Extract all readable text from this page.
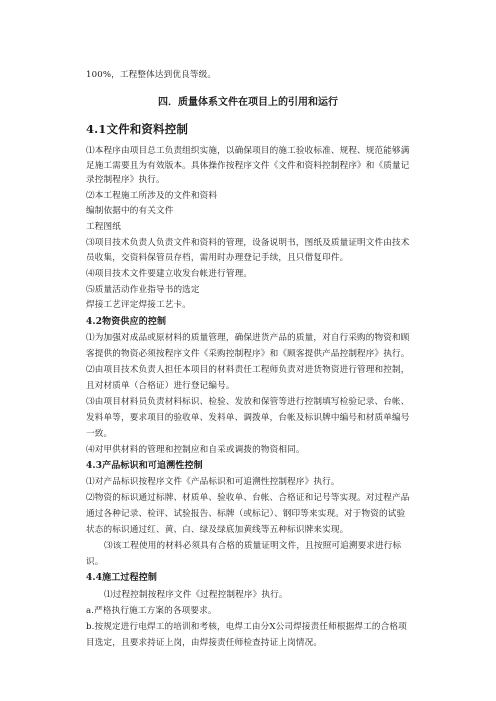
100%，工程整体达到优良等级。
四．质量体系文件在项目上的引用和运行
4.1文件和资料控制
⑴本程序由项目总工负责组织实施，以确保项目的施工验收标准、规程、规范能够满
足施工需要且为有效版本。具体操作按程序文件《文件和资料控制程序》和《质量记
录控制程序》执行。
⑵本工程施工所涉及的文件和资料
编制依据中的有关文件
工程图纸
⑶项目技术负责人负责文件和资料的管理，设备说明书，图纸及质量证明文件由技术
员收集，交资料保管员存档，需用时办理登记手续，且只借复印件。
⑷项目技术文件要建立收发台帐进行管理。
⑸质量活动作业指导书的选定
焊接工艺评定焊接工艺卡。
4.2物资供应的控制
⑴为加强对成品或原材料的质量管理，确保进货产品的质量，对自行采购的物资和顾
客提供的物资必须按程序文件《采购控制程序》和《顾客提供产品控制程序》执行。
⑵由项目技术负责人担任本项目的材料责任工程师负责对进货物资进行管理和控制，
且对材质单（合格证）进行登记编号。
⑶由项目材料员负责材料标识、检验、发放和保管等进行控制填写检验记录、台帐、
发料单等，要求项目的验收单、发料单、调拨单，台帐及标识牌中编号和材质单编号
一致。
⑷对甲供材料的管理和控制应和自采或调拨的物资相同。
4.3产品标识和可追溯性控制
⑴对产品标识按程序文件《产品标识和可追溯性控制程序》执行。
⑵物资的标识通过标牌、材质单、验收单、台帐、合格证和记号等实现。对过程产品
通过各种记录、检评、试验报告、标牌（或标记）、钢印等来实现。对于物资的试验
状态的标识通过红、黄、白、绿及绿底加黄线等五种标识牌来实现。
⑶该工程使用的材料必须具有合格的质量证明文件，且按照可追溯要求进行标
识。
4.4施工过程控制
⑴过程控制按程序文件《过程控制程序》执行。
a.严格执行施工方案的各项要求。
b.按规定进行电焊工的培训和考核，电焊工由分X公司焊接责任师根据焊工的合格项
目选定，且要求持证上岗，由焊接责任师检查持证上岗情况。
